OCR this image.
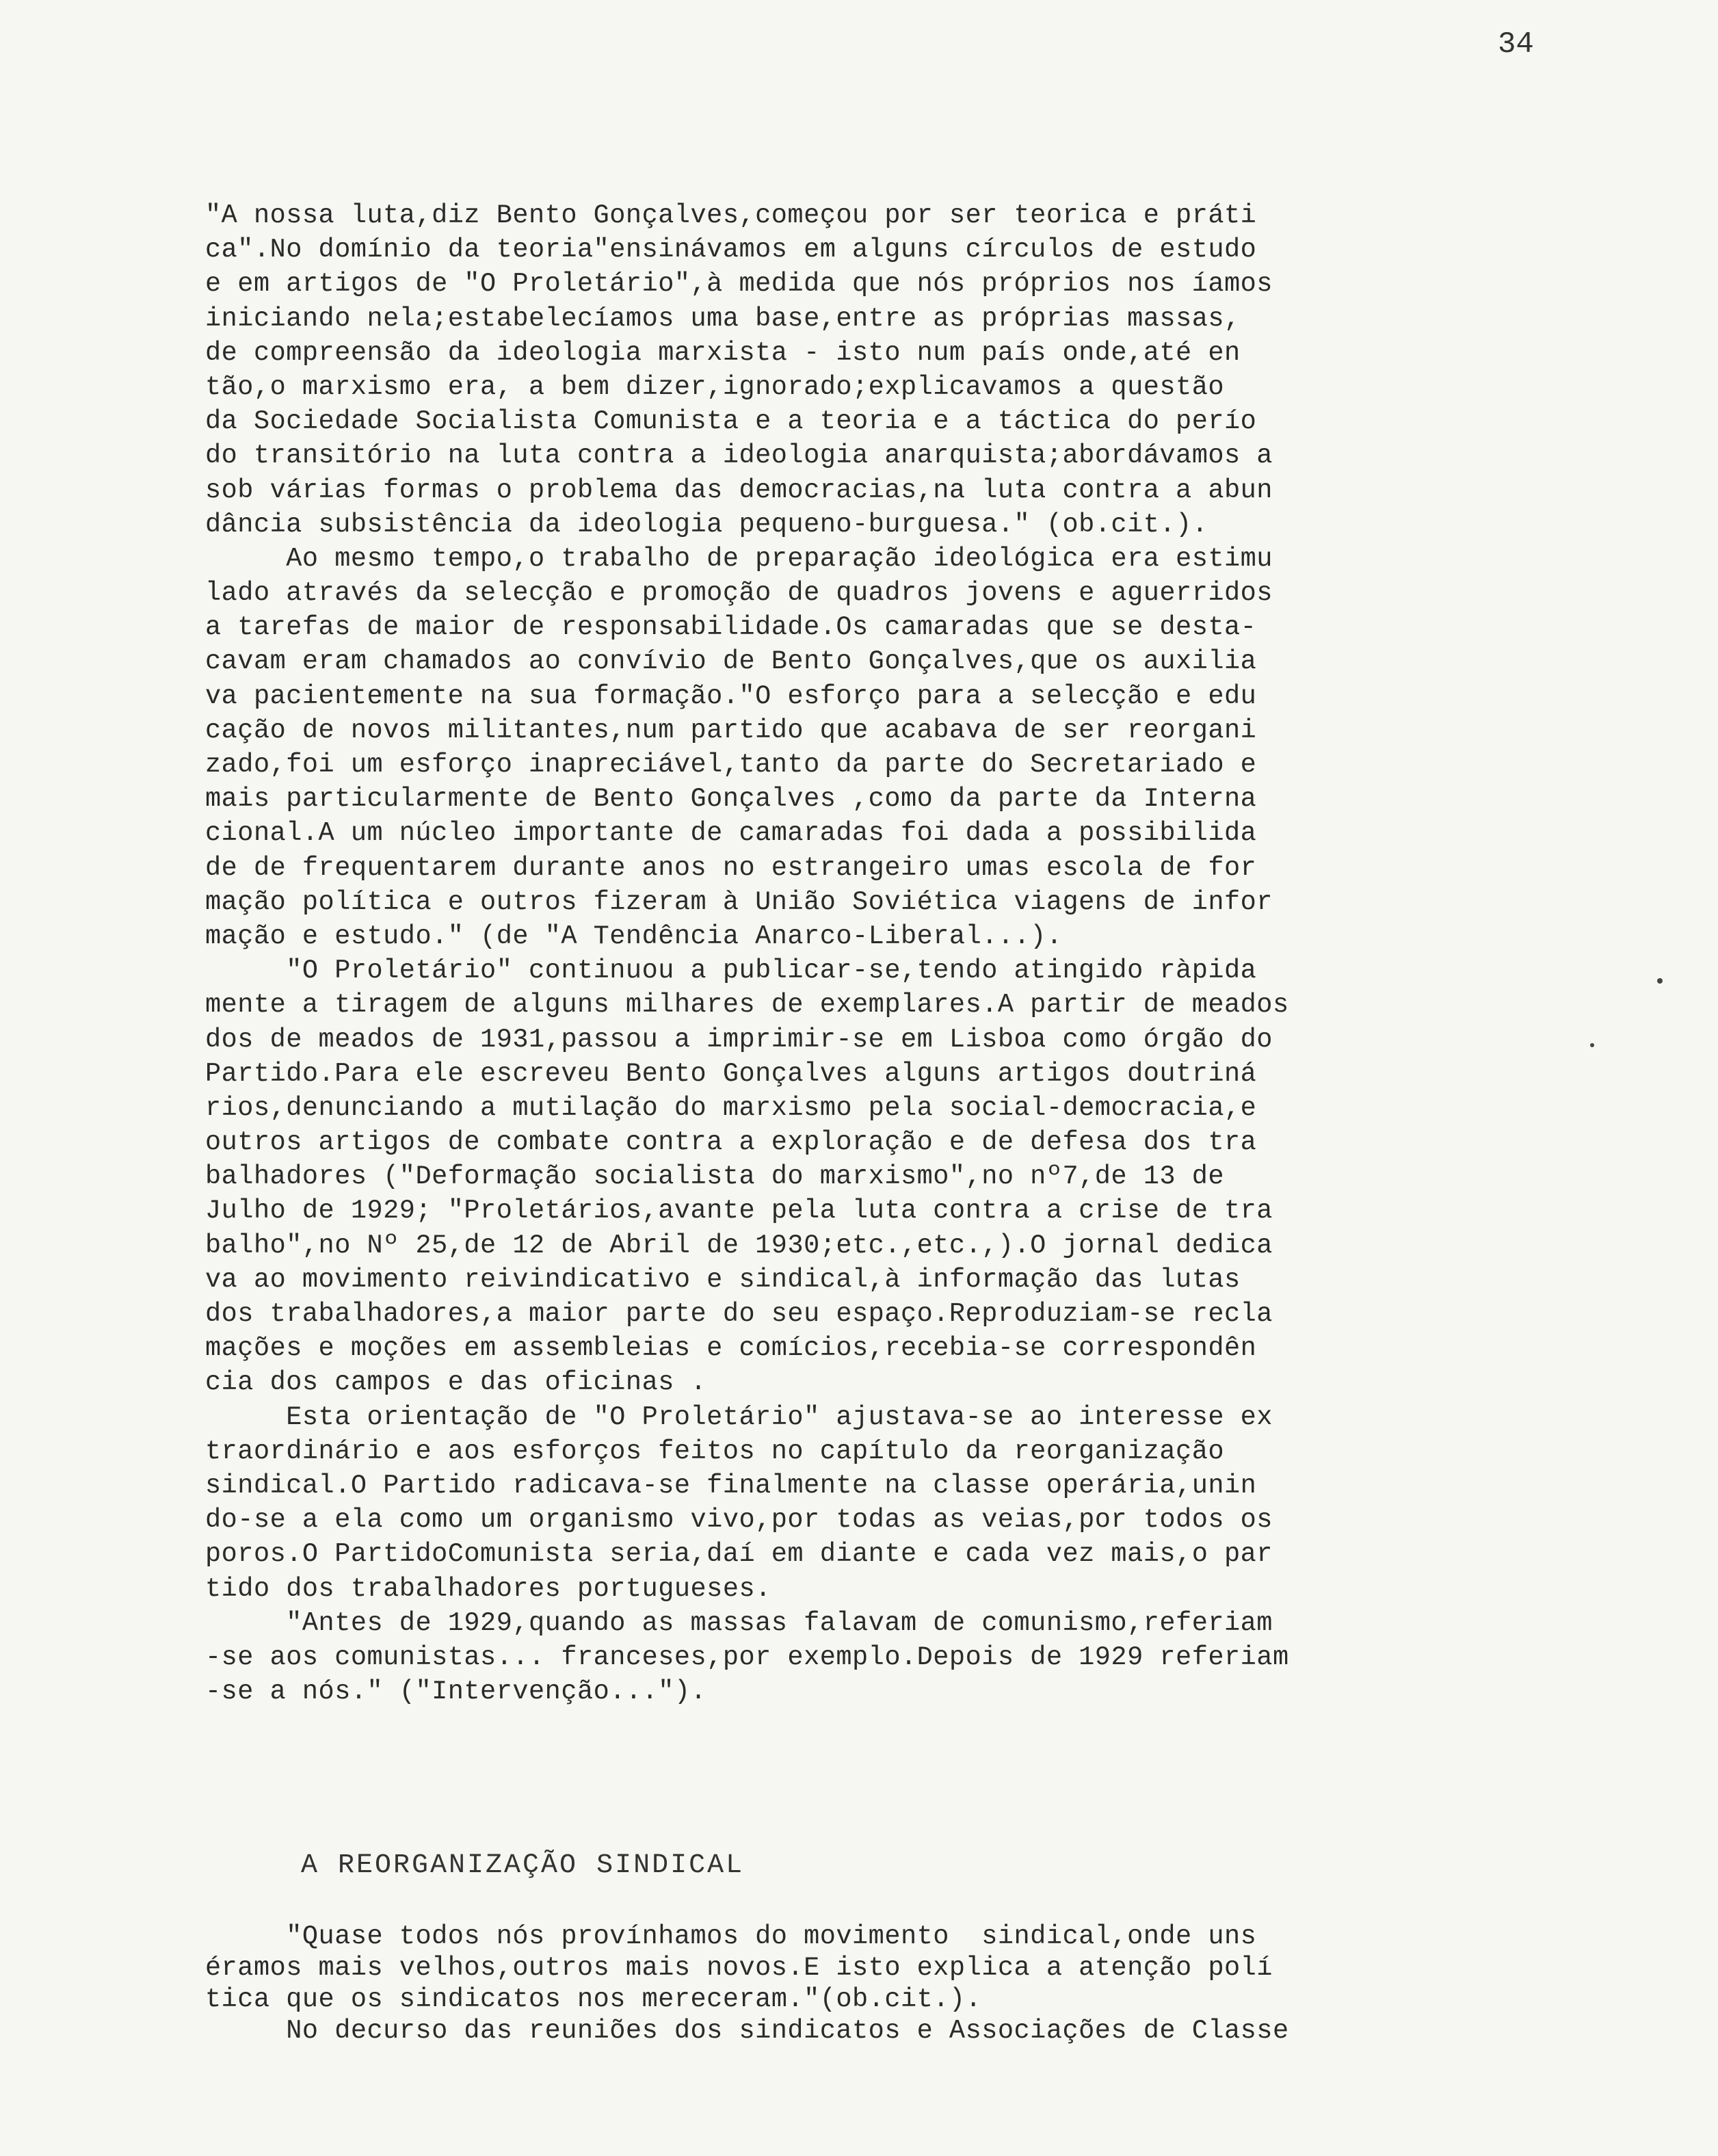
34
"A nossa luta,diz Bento Gonçalves,começou por ser teorica e práti
ca".No domínio da teoria"ensinávamos em alguns círculos de estudo
e em artigos de "O Proletário",à medida que nós próprios nos íamos
iniciando nela;estabelecíamos uma base,entre as próprias massas,
de compreensão da ideologia marxista - isto num país onde,até en
tão,o marxismo era, a bem dizer,ignorado;explicavamos a questão
da Sociedade Socialista Comunista e a teoria e a táctica do perío
do transitório na luta contra a ideologia anarquista;abordávamos a
sob várias formas o problema das democracias,na luta contra a abun
dância subsistência da ideologia pequeno-burguesa." (ob.cit.).
Ao mesmo tempo,o trabalho de preparação ideológica era estimu
lado através da selecção e promoção de quadros jovens e aguerridos
a tarefas de maior de responsabilidade.Os camaradas que se desta-
cavam eram chamados ao convívio de Bento Gonçalves,que os auxilia
va pacientemente na sua formação."O esforço para a selecção e edu
cação de novos militantes,num partido que acabava de ser reorgani
zado,foi um esforço inapreciável,tanto da parte do Secretariado e
mais particularmente de Bento Gonçalves ,como da parte da Interna
cional.A um núcleo importante de camaradas foi dada a possibilida
de de frequentarem durante anos no estrangeiro umas escola de for
mação política e outros fizeram à União Soviética viagens de infor
mação e estudo." (de "A Tendência Anarco-Liberal...).
"O Proletário" continuou a publicar-se,tendo atingido ràpida
mente a tiragem de alguns milhares de exemplares.A partir de meados
dos de meados de 1931,passou a imprimir-se em Lisboa como órgão do
Partido.Para ele escreveu Bento Gonçalves alguns artigos doutriná
rios,denunciando a mutilação do marxismo pela social-democracia,e
outros artigos de combate contra a exploração e de defesa dos tra
balhadores ("Deformação socialista do marxismo",no nº7,de 13 de
Julho de 1929; "Proletários,avante pela luta contra a crise de tra
balho",no Nº 25,de 12 de Abril de 1930;etc.,etc.,).O jornal dedica
va ao movimento reivindicativo e sindical,à informação das lutas
dos trabalhadores,a maior parte do seu espaço.Reproduziam-se recla
mações e moções em assembleias e comícios,recebia-se correspondên
cia dos campos e das oficinas .
Esta orientação de "O Proletário" ajustava-se ao interesse ex
traordinário e aos esforços feitos no capítulo da reorganização
sindical.O Partido radicava-se finalmente na classe operária,unin
do-se a ela como um organismo vivo,por todas as veias,por todos os
poros.O PartidoComunista seria,daí em diante e cada vez mais,o par
tido dos trabalhadores portugueses.
"Antes de 1929,quando as massas falavam de comunismo,referiam
-se aos comunistas... franceses,por exemplo.Depois de 1929 referiam
-se a nós." ("Intervenção...").
A REORGANIZAÇÃO SINDICAL
"Quase todos nós provínhamos do movimento  sindical,onde uns
éramos mais velhos,outros mais novos.E isto explica a atenção polí
tica que os sindicatos nos mereceram."(ob.cit.).
No decurso das reuniões dos sindicatos e Associações de Classe
